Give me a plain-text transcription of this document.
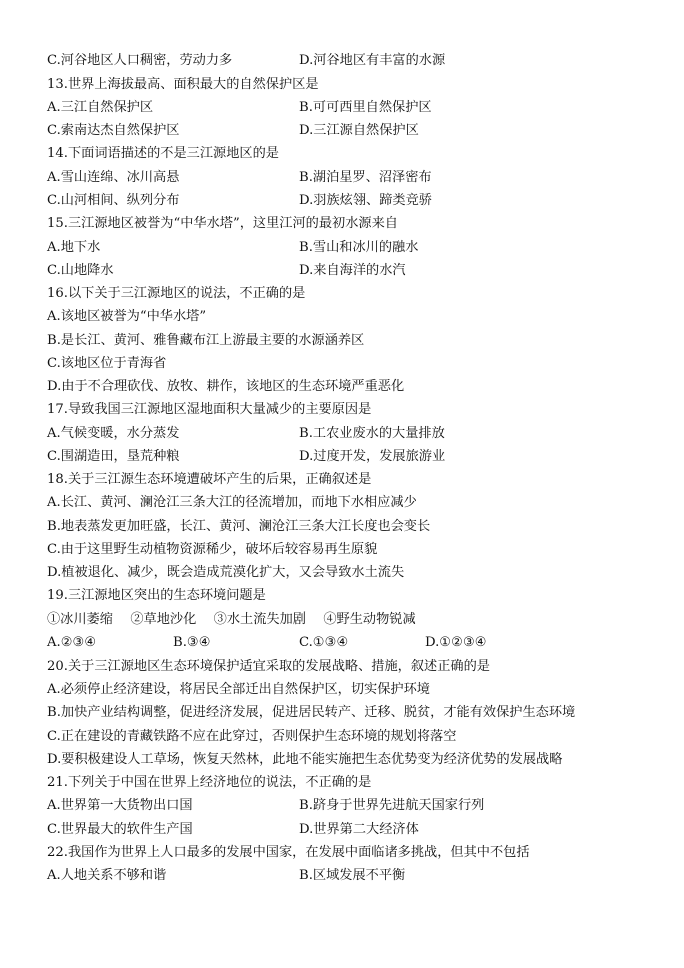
C.河谷地区人口稠密，劳动力多	D.河谷地区有丰富的水源
13.世界上海拔最高、面积最大的自然保护区是
A.三江自然保护区	B.可可西里自然保护区
C.索南达杰自然保护区	D.三江源自然保护区
14.下面词语描述的不是三江源地区的是
A.雪山连绵、冰川高悬	B.湖泊星罗、沼泽密布
C.山河相间、纵列分布	D.羽族炫翎、蹄类竞骄
15.三江源地区被誉为“中华水塔”，这里江河的最初水源来自
A.地下水	B.雪山和冰川的融水
C.山地降水	D.来自海洋的水汽
16.以下关于三江源地区的说法，不正确的是
A.该地区被誉为“中华水塔”
B.是长江、黄河、雅鲁藏布江上游最主要的水源涵养区
C.该地区位于青海省
D.由于不合理砍伐、放牧、耕作，该地区的生态环境严重恶化
17.导致我国三江源地区湿地面积大量减少的主要原因是
A.气候变暖，水分蒸发	B.工农业废水的大量排放
C.围湖造田，垦荒种粮	D.过度开发，发展旅游业
18.关于三江源生态环境遭破坏产生的后果，正确叙述是
A.长江、黄河、澜沧江三条大江的径流增加，而地下水相应减少
B.地表蒸发更加旺盛，长江、黄河、澜沧江三条大江长度也会变长
C.由于这里野生动植物资源稀少，破坏后较容易再生原貌
D.植被退化、减少，既会造成荒漠化扩大，又会导致水土流失
19.三江源地区突出的生态环境问题是
①冰川萎缩　 ②草地沙化　 ③水土流失加剧　 ④野生动物锐减
A.②③④	B.③④	C.①③④	D.①②③④
20.关于三江源地区生态环境保护适宜采取的发展战略、措施，叙述正确的是
A.必须停止经济建设，将居民全部迁出自然保护区，切实保护环境
B.加快产业结构调整，促进经济发展，促进居民转产、迁移、脱贫，才能有效保护生态环境
C.正在建设的青藏铁路不应在此穿过，否则保护生态环境的规划将落空
D.要积极建设人工草场，恢复天然林，此地不能实施把生态优势变为经济优势的发展战略
21.下列关于中国在世界上经济地位的说法，不正确的是
A.世界第一大货物出口国	B.跻身于世界先进航天国家行列
C.世界最大的软件生产国	D.世界第二大经济体
22.我国作为世界上人口最多的发展中国家，在发展中面临诸多挑战，但其中不包括
A.人地关系不够和谐	B.区域发展不平衡
